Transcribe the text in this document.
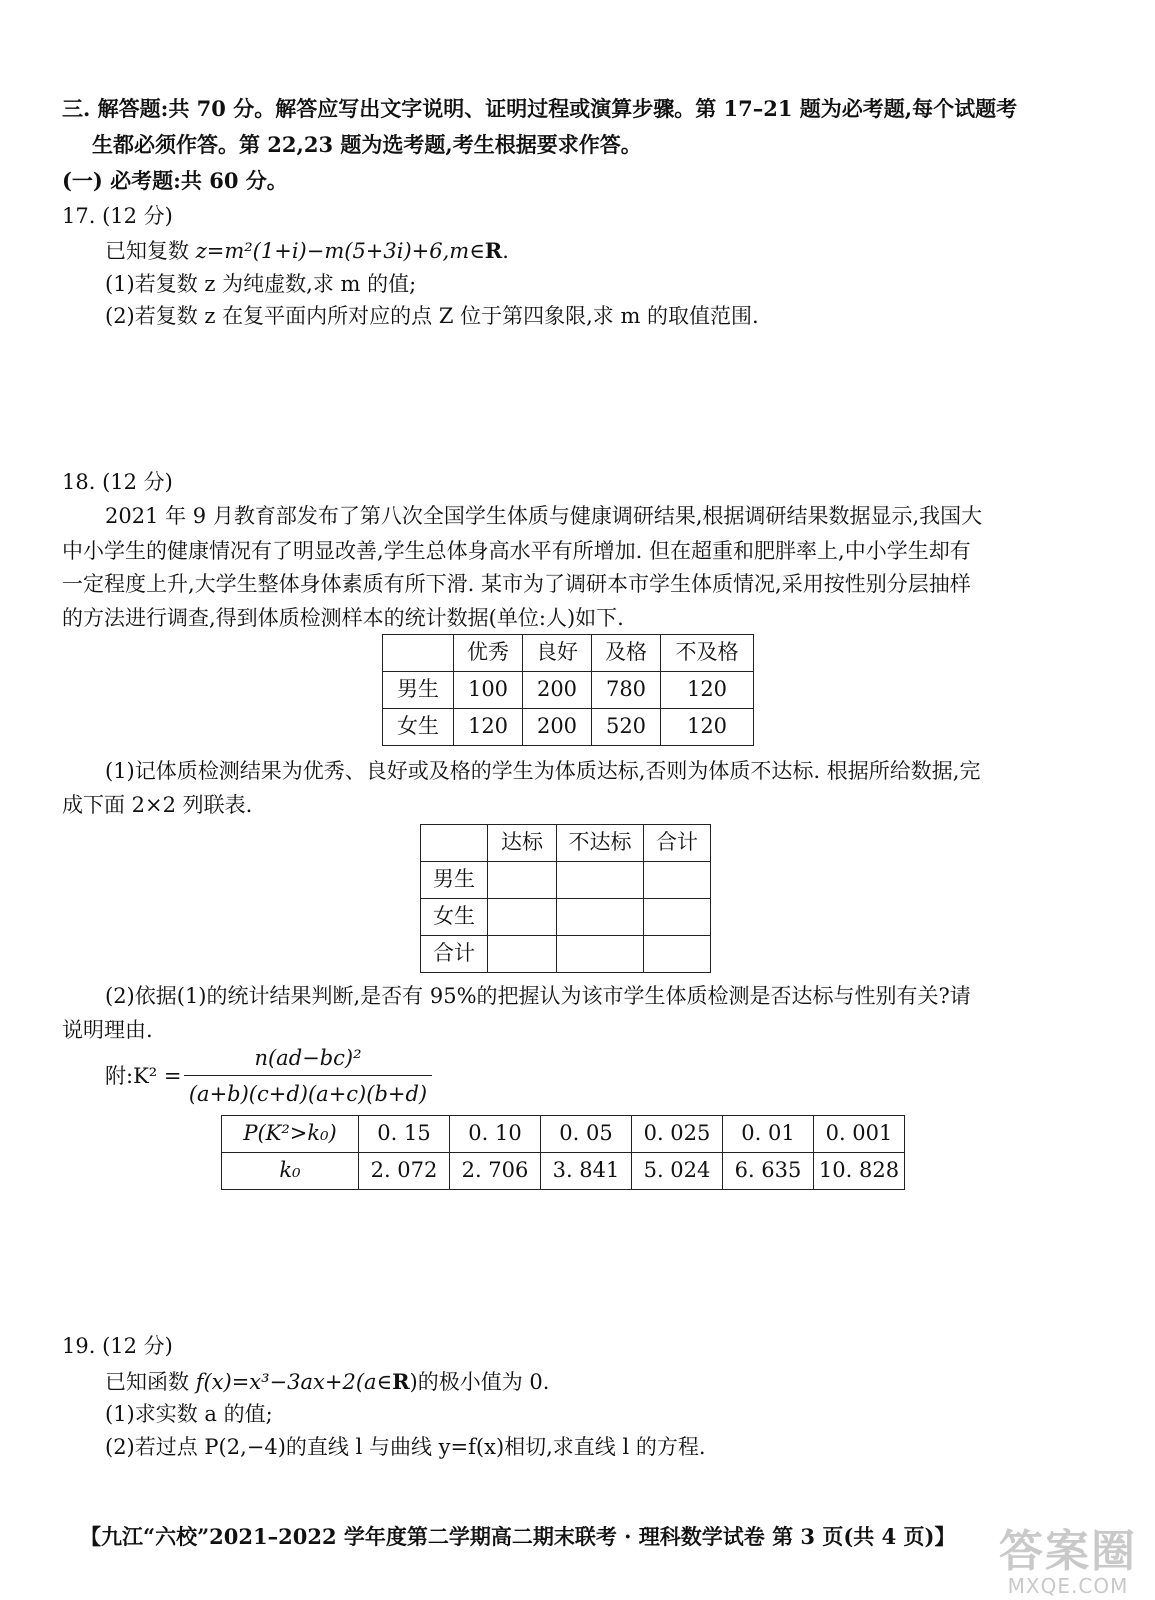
三. 解答题:共 70 分。解答应写出文字说明、证明过程或演算步骤。第 17–21 题为必考题,每个试题考
生都必须作答。第 22,23 题为选考题,考生根据要求作答。
(一) 必考题:共 60 分。
17. (12 分)
已知复数 z=m²(1+i)−m(5+3i)+6,m∈R.
(1)若复数 z 为纯虚数,求 m 的值;
(2)若复数 z 在复平面内所对应的点 Z 位于第四象限,求 m 的取值范围.
18. (12 分)
2021 年 9 月教育部发布了第八次全国学生体质与健康调研结果,根据调研结果数据显示,我国大
中小学生的健康情况有了明显改善,学生总体身高水平有所增加. 但在超重和肥胖率上,中小学生却有
一定程度上升,大学生整体身体素质有所下滑. 某市为了调研本市学生体质情况,采用按性别分层抽样
的方法进行调查,得到体质检测样本的统计数据(单位:人)如下.
	优秀	良好	及格	不及格
男生	100	200	780	120
女生	120	200	520	120
(1)记体质检测结果为优秀、良好或及格的学生为体质达标,否则为体质不达标. 根据所给数据,完
成下面 2×2 列联表.
	达标	不达标	合计
男生			
女生			
合计			
(2)依据(1)的统计结果判断,是否有 95%的把握认为该市学生体质检测是否达标与性别有关?请
说明理由.
附:K² =
n(ad−bc)²
(a+b)(c+d)(a+c)(b+d)
P(K²>k₀)	0. 15	0. 10	0. 05	0. 025	0. 01	0. 001
k₀	2. 072	2. 706	3. 841	5. 024	6. 635	10. 828
19. (12 分)
已知函数 f(x)=x³−3ax+2(a∈R)的极小值为 0.
(1)求实数 a 的值;
(2)若过点 P(2,−4)的直线 l 与曲线 y=f(x)相切,求直线 l 的方程.
【九江“六校”2021–2022 学年度第二学期高二期末联考 · 理科数学试卷 第 3 页(共 4 页)】 答案圈
MXQE.COM
